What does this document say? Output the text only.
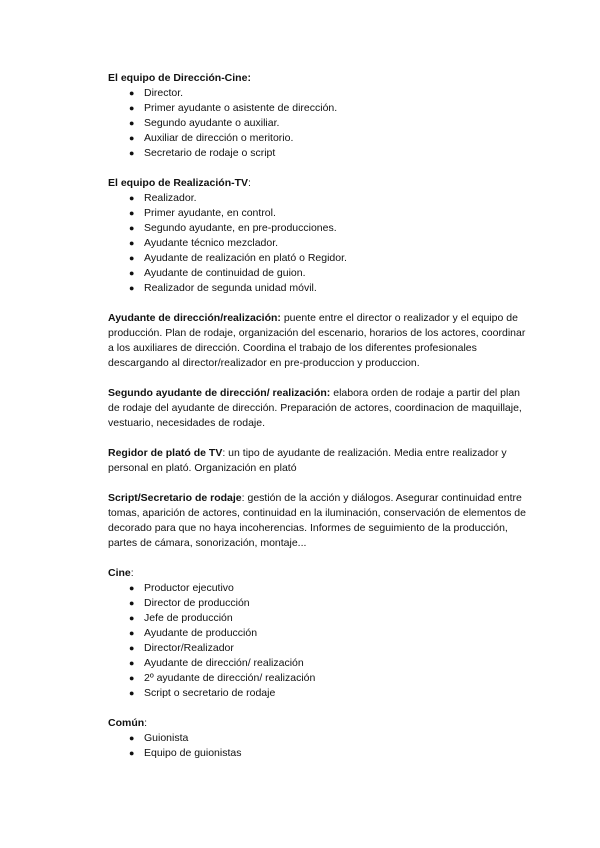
El equipo de Dirección-Cine:
● Director.
● Primer ayudante o asistente de dirección.
● Segundo ayudante o auxiliar.
● Auxiliar de dirección o meritorio.
● Secretario de rodaje o script
El equipo de Realización-TV:
● Realizador.
● Primer ayudante, en control.
● Segundo ayudante, en pre-producciones.
● Ayudante técnico mezclador.
● Ayudante de realización en plató o Regidor.
● Ayudante de continuidad de guion.
● Realizador de segunda unidad móvil.

Ayudante de dirección/realización: puente entre el director o realizador y el equipo de producción. Plan de rodaje, organización del escenario, horarios de los actores, coordinar a los auxiliares de dirección. Coordina el trabajo de los diferentes profesionales descargando al director/realizador en pre-produccion y produccion.

Segundo ayudante de dirección/ realización: elabora orden de rodaje a partir del plan de rodaje del ayudante de dirección. Preparación de actores, coordinacion de maquillaje, vestuario, necesidades de rodaje.

Regidor de plató de TV: un tipo de ayudante de realización. Media entre realizador y personal en plató. Organización en plató

Script/Secretario de rodaje: gestión de la acción y diálogos. Asegurar continuidad entre tomas, aparición de actores, continuidad en la iluminación, conservación de elementos de decorado para que no haya incoherencias. Informes de seguimiento de la producción, partes de cámara, sonorización, montaje...

Cine:
● Productor ejecutivo
● Director de producción
● Jefe de producción
● Ayudante de producción
● Director/Realizador
● Ayudante de dirección/ realización
● 2º ayudante de dirección/ realización
● Script o secretario de rodaje
Común:
● Guionista
● Equipo de guionistas
